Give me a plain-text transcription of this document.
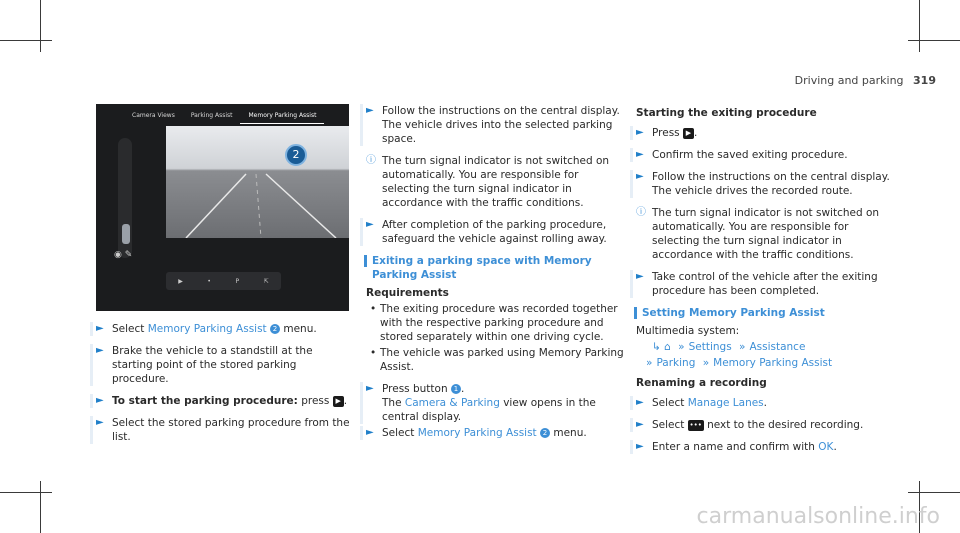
Driving and parking 319
Camera Views	Parking Assist	Memory Parking Assist
2
◉ ✎
▶	•	P	⇱
► Select Memory Parking Assist 2 menu.
► Brake the vehicle to a standstill at the starting point of the stored parking procedure.
► To start the parking procedure: press ▶ .
► Select the stored parking procedure from the list.
► Follow the instructions on the central display. The vehicle drives into the selected parking space.
ⓘ The turn signal indicator is not switched on automatically. You are responsible for selecting the turn signal indicator in accordance with the traffic conditions.
► After completion of the parking procedure, safeguard the vehicle against rolling away.
Exiting a parking space with Memory Parking Assist
Requirements
• The exiting procedure was recorded together with the respective parking procedure and stored separately within one driving cycle.
• The vehicle was parked using Memory Parking Assist.
► Press button 1 .
The Camera & Parking view opens in the central display.
► Select Memory Parking Assist 2 menu.
Starting the exiting procedure
► Press ▶ .
► Confirm the saved exiting procedure.
► Follow the instructions on the central display. The vehicle drives the recorded route.
ⓘ The turn signal indicator is not switched on automatically. You are responsible for selecting the turn signal indicator in accordance with the traffic conditions.
► Take control of the vehicle after the exiting procedure has been completed.
Setting Memory Parking Assist
Multimedia system:
↳ ⌂ » Settings » Assistance
» Parking » Memory Parking Assist
Renaming a recording
► Select Manage Lanes.
► Select ••• next to the desired recording.
► Enter a name and confirm with OK.
carmanualsonline.info
